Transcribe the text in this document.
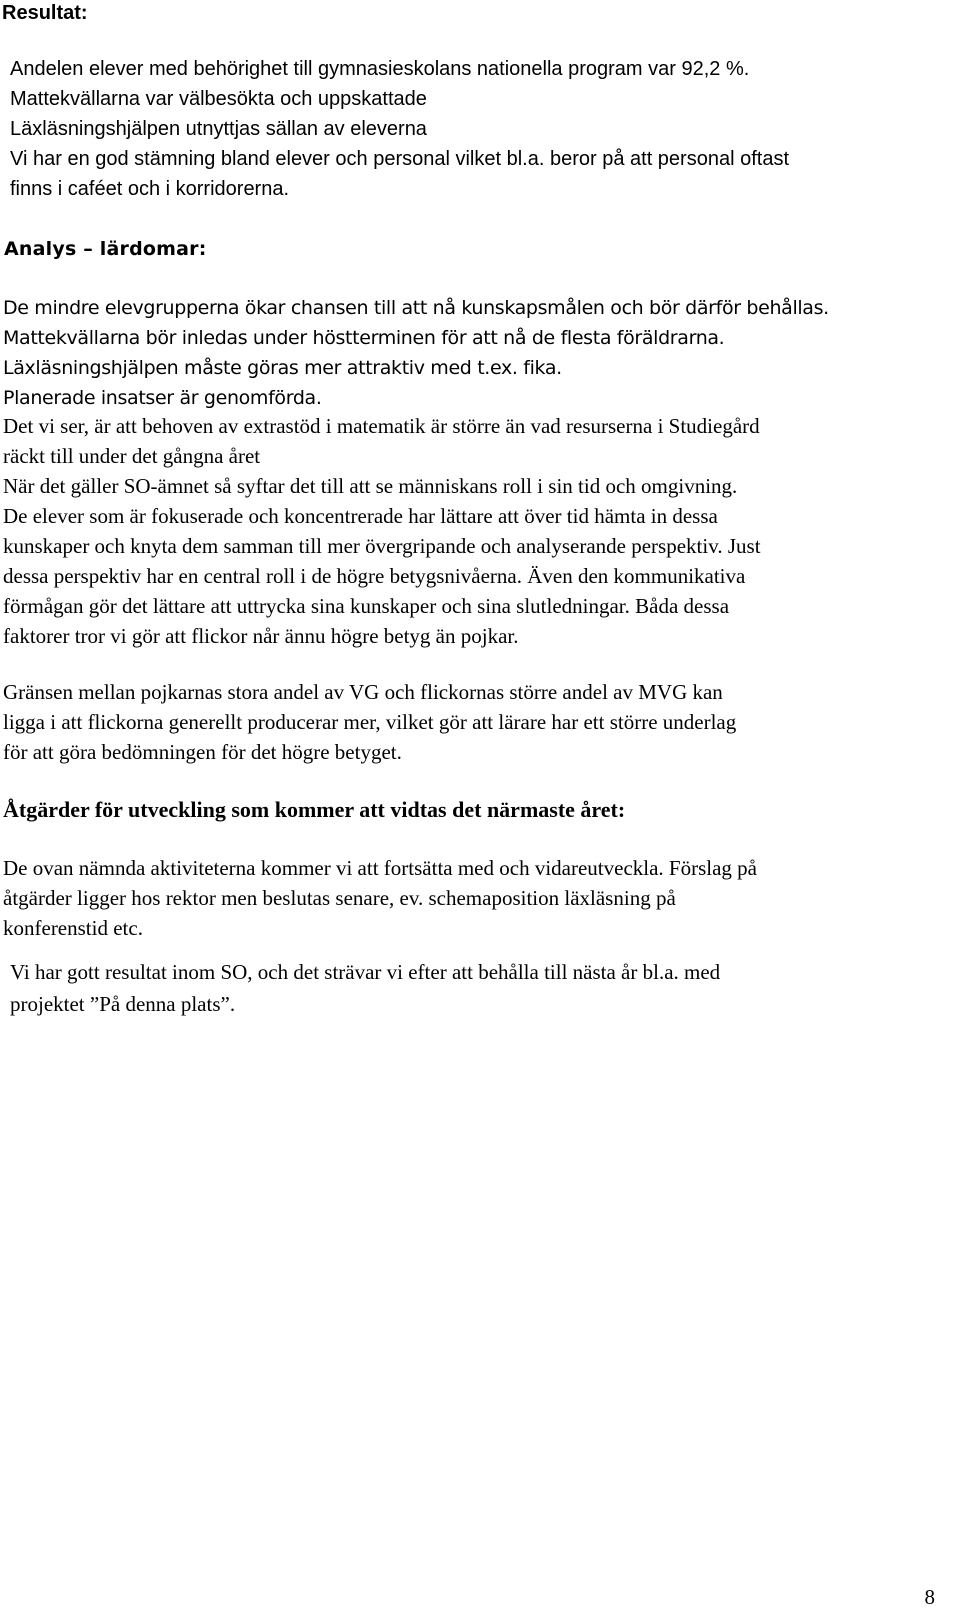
Resultat:
Andelen elever med behörighet till gymnasieskolans nationella program var 92,2 %.
Mattekvällarna var välbesökta och uppskattade
Läxläsningshjälpen utnyttjas sällan av eleverna
Vi har en god stämning bland elever och personal vilket bl.a. beror på att personal oftast
finns i caféet och i korridorerna.
Analys – lärdomar:
De mindre elevgrupperna ökar chansen till att nå kunskapsmålen och bör därför behållas.
Mattekvällarna bör inledas under höstterminen för att nå de flesta föräldrarna.
Läxläsningshjälpen måste göras mer attraktiv med t.ex. fika.
Planerade insatser är genomförda.
Det vi ser, är att behoven av extrastöd i matematik är större än vad resurserna i Studiegård
räckt till under det gångna året
När det gäller SO-ämnet så syftar det till att se människans roll i sin tid och omgivning.
De elever som är fokuserade och koncentrerade har lättare att över tid hämta in dessa
kunskaper och knyta dem samman till mer övergripande och analyserande perspektiv. Just
dessa perspektiv har en central roll i de högre betygsnivåerna. Även den kommunikativa
förmågan gör det lättare att uttrycka sina kunskaper och sina slutledningar. Båda dessa
faktorer tror vi gör att flickor når ännu högre betyg än pojkar.
Gränsen mellan pojkarnas stora andel av VG och flickornas större andel av MVG kan
ligga i att flickorna generellt producerar mer, vilket gör att lärare har ett större underlag
för att göra bedömningen för det högre betyget.
Åtgärder för utveckling som kommer att vidtas det närmaste året:
De ovan nämnda aktiviteterna kommer vi att fortsätta med och vidareutveckla. Förslag på
åtgärder ligger hos rektor men beslutas senare, ev. schemaposition läxläsning på
konferenstid etc.
Vi har gott resultat inom SO, och det strävar vi efter att behålla till nästa år bl.a. med
projektet ”På denna plats”.
8
